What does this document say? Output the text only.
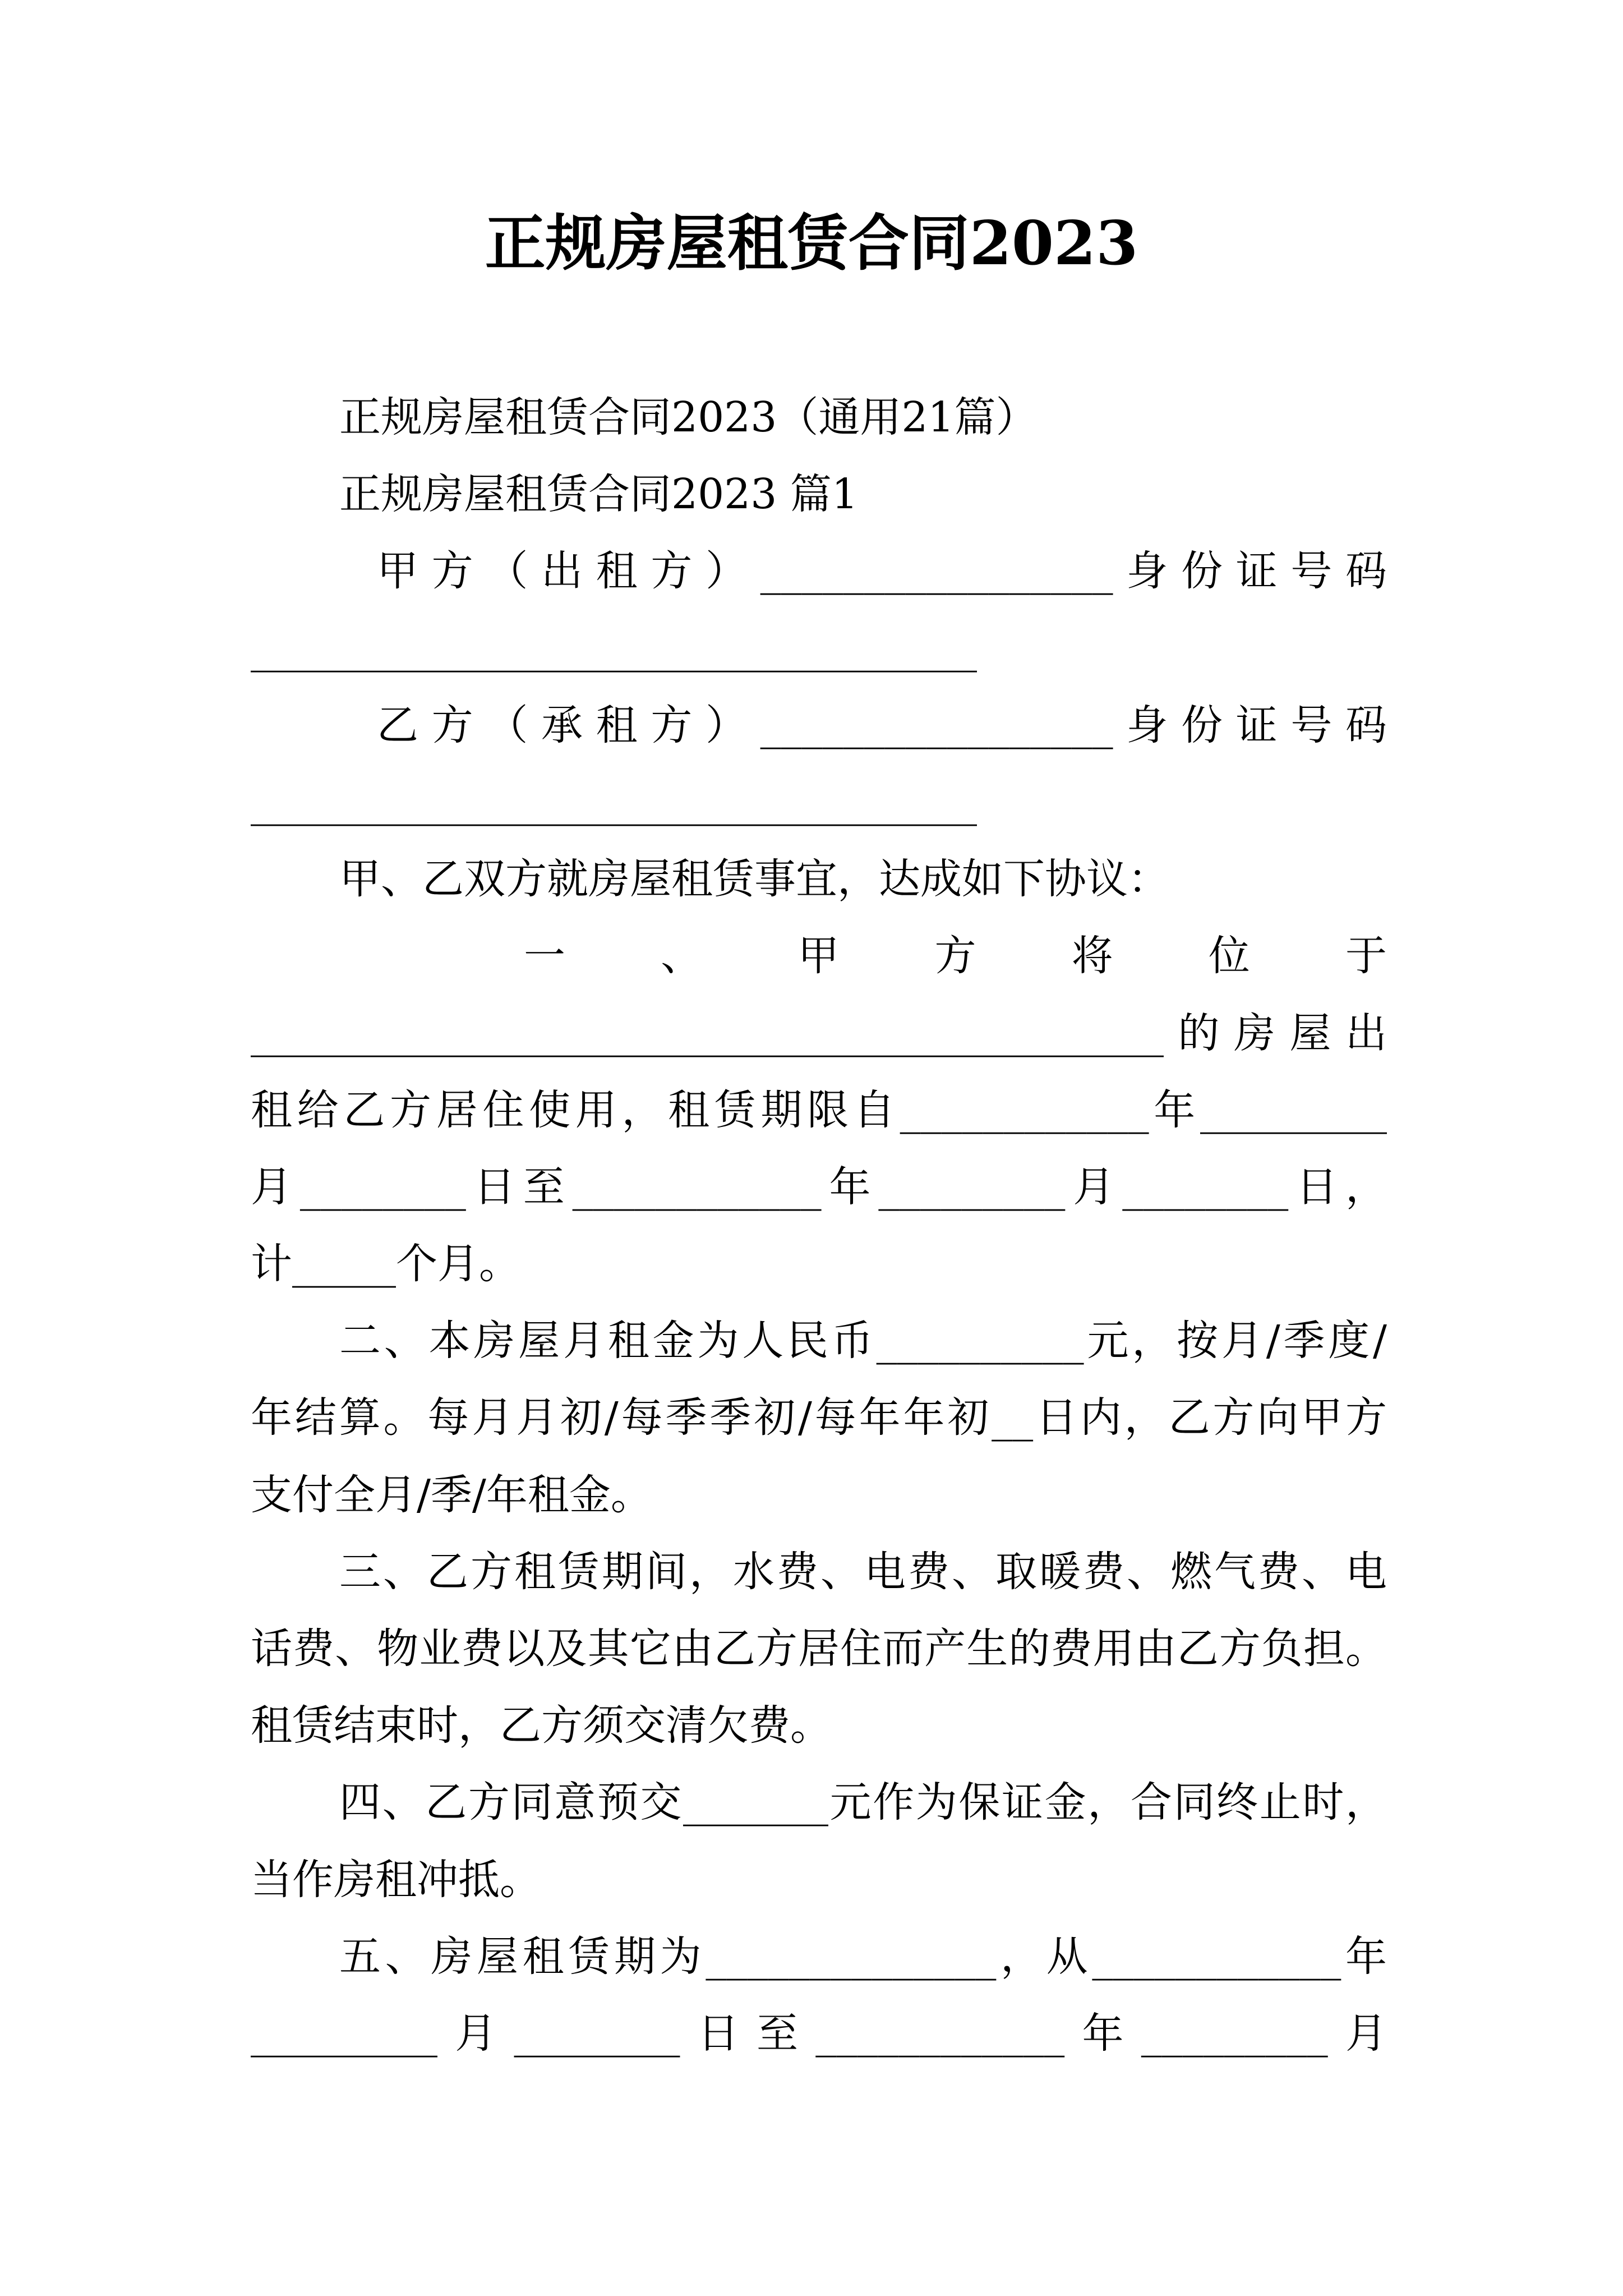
正规房屋租赁合同2023
正规房屋租赁合同2023（通用21篇）
正规房屋租赁合同2023 篇1
甲方（出租方）_________________身份证号码
___________________________________
乙方（承租方）_________________身份证号码
___________________________________
甲、乙双方就房屋租赁事宜，达成如下协议：
一、甲方将位于
____________________________________________的房屋出
租给乙方居住使用，租赁期限自____________年_________
月________日至____________年_________月________日，
计_____个月。
二、本房屋月租金为人民币__________元，按月/季度/
年结算。每月月初/每季季初/每年年初__日内，乙方向甲方
支付全月/季/年租金。
三、乙方租赁期间，水费、电费、取暖费、燃气费、电
话费、物业费以及其它由乙方居住而产生的费用由乙方负担。
租赁结束时，乙方须交清欠费。
四、乙方同意预交_______元作为保证金，合同终止时，
当作房租冲抵。
五、房屋租赁期为______________，从____________年
_________月________日至____________年_________月
